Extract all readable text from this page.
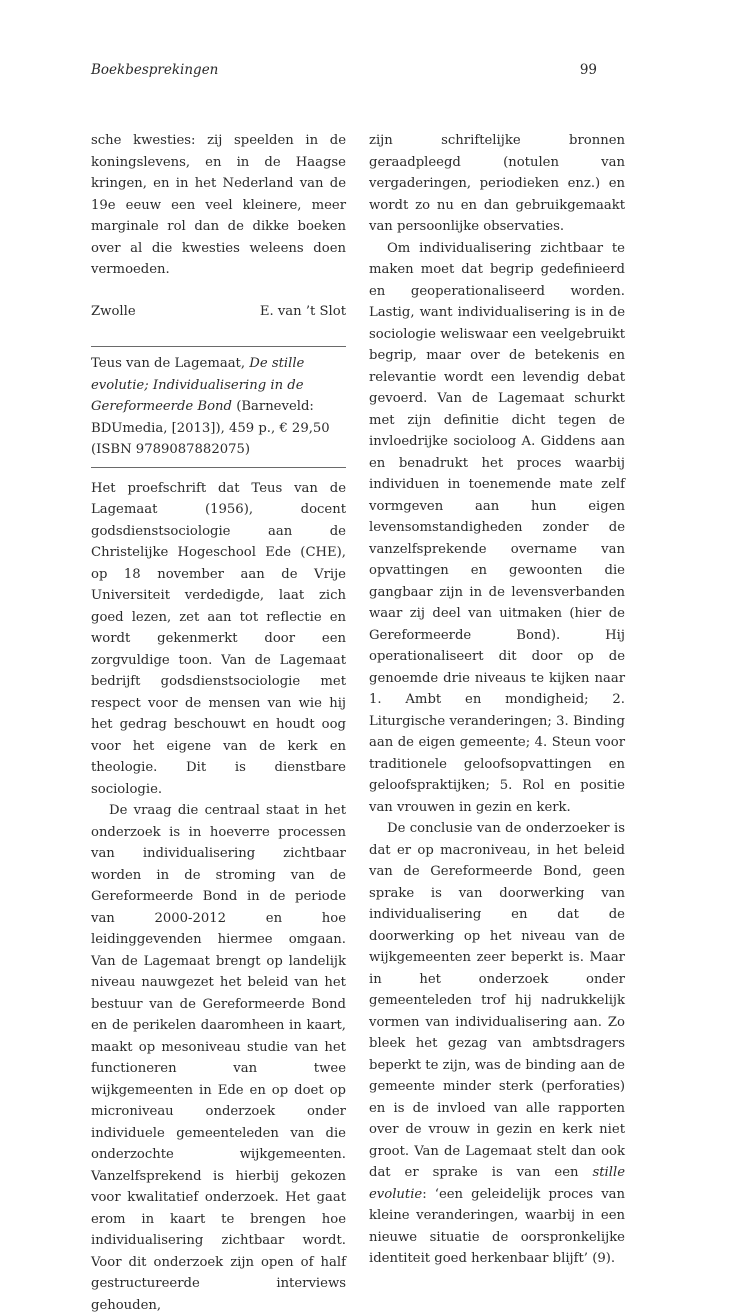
Boekbesprekingen	99

sche kwesties: zij speelden in de koningslevens, en in de Haagse kringen, en in het Nederland van de 19e eeuw een veel kleinere, meer marginale rol dan de dikke boeken over al die kwesties weleens doen vermoeden.

Zwolle	E. van ’t Slot
Teus van de Lagemaat, De stille evolutie; Individualisering in de Gereformeerde Bond (Barneveld: BDUmedia, [2013]), 459 p., € 29,50 (ISBN 9789087882075)

Het proefschrift dat Teus van de Lagemaat (1956), docent godsdienstsociologie aan de Christelijke Hogeschool Ede (CHE), op 18 november aan de Vrije Universiteit verdedigde, laat zich goed lezen, zet aan tot reflectie en wordt gekenmerkt door een zorgvuldige toon. Van de Lagemaat bedrijft godsdienstsociologie met respect voor de mensen van wie hij het gedrag beschouwt en houdt oog voor het eigene van de kerk en theologie. Dit is dienstbare sociologie.

De vraag die centraal staat in het onderzoek is in hoeverre processen van individualisering zichtbaar worden in de stroming van de Gereformeerde Bond in de periode van 2000-2012 en hoe leidinggevenden hiermee omgaan. Van de Lagemaat brengt op landelijk niveau nauwgezet het beleid van het bestuur van de Gereformeerde Bond en de perikelen daaromheen in kaart, maakt op mesoniveau studie van het functioneren van twee wijkgemeenten in Ede en op doet op microniveau onderzoek onder individuele gemeenteleden van die onderzochte wijkgemeenten. Vanzelfsprekend is hierbij gekozen voor kwalitatief onderzoek. Het gaat erom in kaart te brengen hoe individualisering zichtbaar wordt. Voor dit onderzoek zijn open of half gestructureerde interviews gehouden,

zijn schriftelijke bronnen geraadpleegd (notulen van vergaderingen, periodieken enz.) en wordt zo nu en dan gebruikgemaakt van persoonlijke observaties.

Om individualisering zichtbaar te maken moet dat begrip gedefinieerd en geoperationaliseerd worden. Lastig, want individualisering is in de sociologie weliswaar een veelgebruikt begrip, maar over de betekenis en relevantie wordt een levendig debat gevoerd. Van de Lagemaat schurkt met zijn definitie dicht tegen de invloedrijke socioloog A. Giddens aan en benadrukt het proces waarbij individuen in toenemende mate zelf vormgeven aan hun eigen levensomstandigheden zonder de vanzelfsprekende overname van opvattingen en gewoonten die gangbaar zijn in de levensverbanden waar zij deel van uitmaken (hier de Gereformeerde Bond). Hij operationaliseert dit door op de genoemde drie niveaus te kijken naar 1. Ambt en mondigheid; 2. Liturgische veranderingen; 3. Binding aan de eigen gemeente; 4. Steun voor traditionele geloofsopvattingen en geloofspraktijken; 5. Rol en positie van vrouwen in gezin en kerk.

De conclusie van de onderzoeker is dat er op macroniveau, in het beleid van de Gereformeerde Bond, geen sprake is van doorwerking van individualisering en dat de doorwerking op het niveau van de wijkgemeenten zeer beperkt is. Maar in het onderzoek onder gemeenteleden trof hij nadrukkelijk vormen van individualisering aan. Zo bleek het gezag van ambtsdragers beperkt te zijn, was de binding aan de gemeente minder sterk (perforaties) en is de invloed van alle rapporten over de vrouw in gezin en kerk niet groot. Van de Lagemaat stelt dan ook dat er sprake is van een stille evolutie: ‘een geleidelijk proces van kleine veranderingen, waarbij in een nieuwe situatie de oorspronkelijke identiteit goed herkenbaar blijft’ (9).
